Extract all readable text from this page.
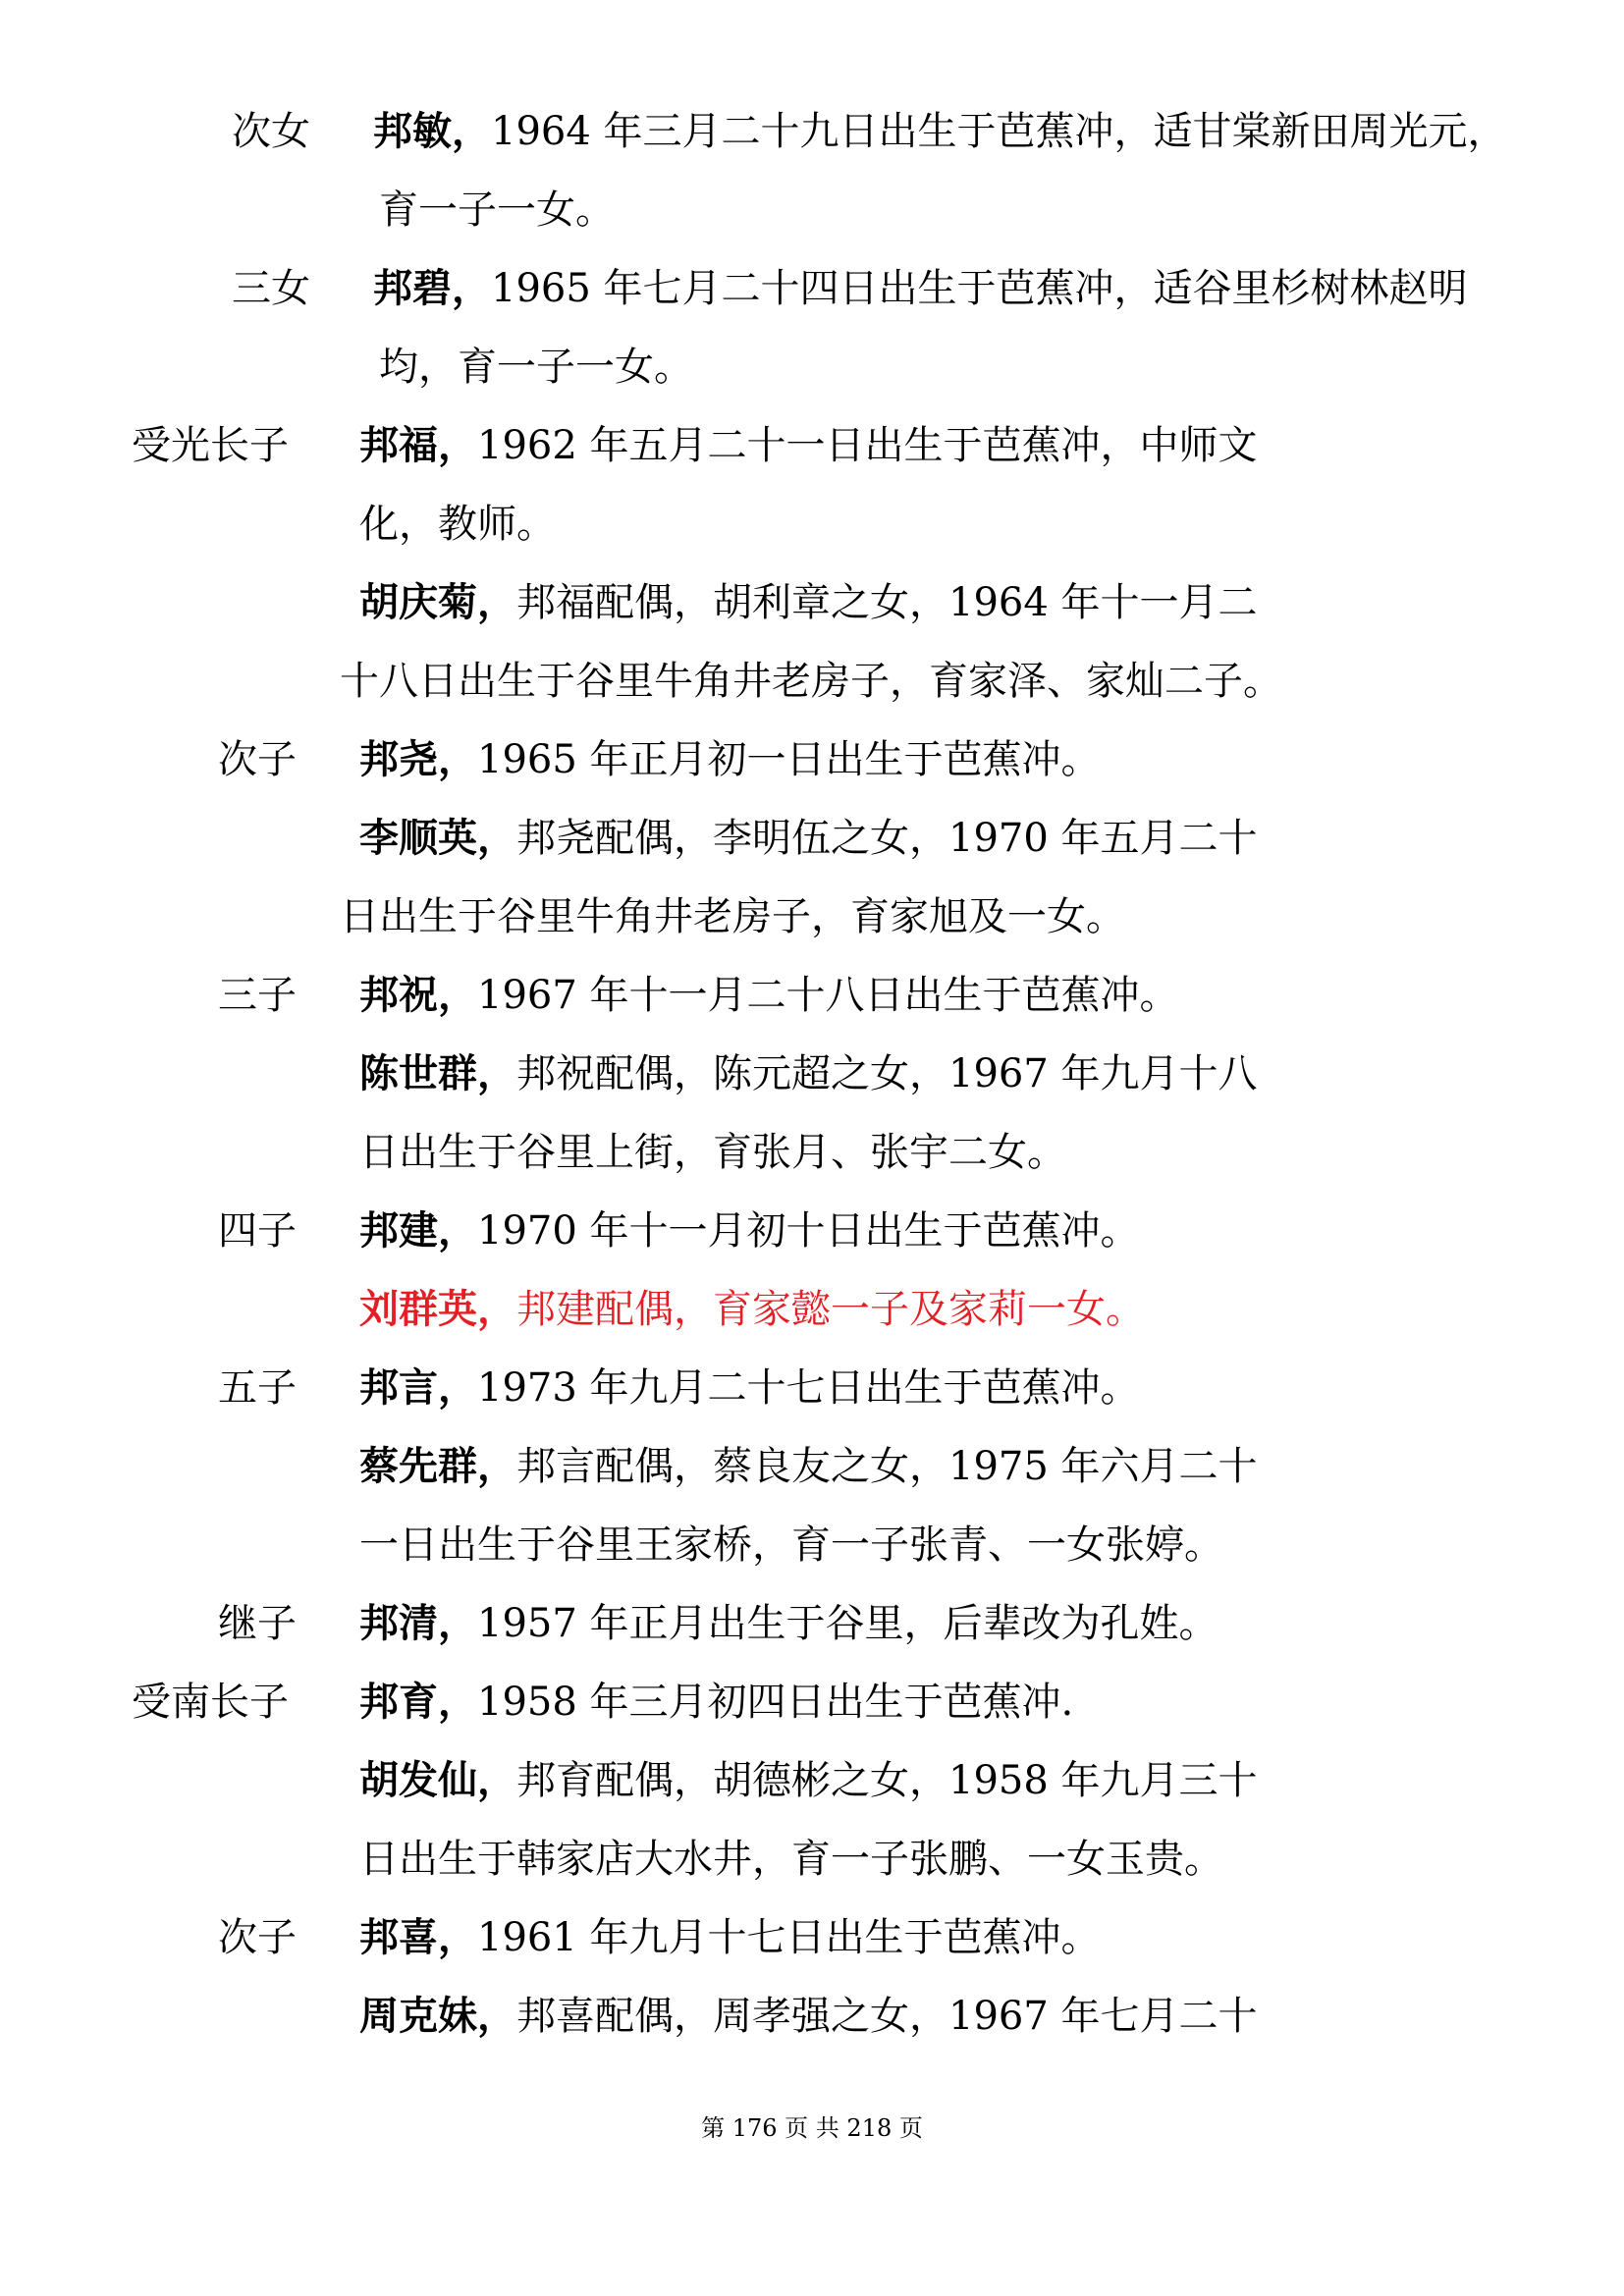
次女 邦敏，1964 年三月二十九日出生于芭蕉冲，适甘棠新田周光元，
育一子一女。
三女 邦碧，1965 年七月二十四日出生于芭蕉冲，适谷里杉树林赵明
均，育一子一女。
受光长子 邦福，1962 年五月二十一日出生于芭蕉冲，中师文
化，教师。
胡庆菊，邦福配偶，胡利章之女，1964 年十一月二
十八日出生于谷里牛角井老房子，育家泽、家灿二子。
次子 邦尧，1965 年正月初一日出生于芭蕉冲。
李顺英，邦尧配偶，李明伍之女，1970 年五月二十
日出生于谷里牛角井老房子，育家旭及一女。
三子 邦祝，1967 年十一月二十八日出生于芭蕉冲。
陈世群，邦祝配偶，陈元超之女，1967 年九月十八
日出生于谷里上街，育张月、张宇二女。
四子 邦建，1970 年十一月初十日出生于芭蕉冲。
刘群英，邦建配偶，育家懿一子及家莉一女。
五子 邦言，1973 年九月二十七日出生于芭蕉冲。
蔡先群，邦言配偶，蔡良友之女，1975 年六月二十
一日出生于谷里王家桥，育一子张青、一女张婷。
继子 邦清，1957 年正月出生于谷里，后辈改为孔姓。
受南长子 邦育，1958 年三月初四日出生于芭蕉冲.
胡发仙，邦育配偶，胡德彬之女，1958 年九月三十
日出生于韩家店大水井，育一子张鹏、一女玉贵。
次子 邦喜，1961 年九月十七日出生于芭蕉冲。
周克妹，邦喜配偶，周孝强之女，1967 年七月二十
第 176 页 共 218 页
